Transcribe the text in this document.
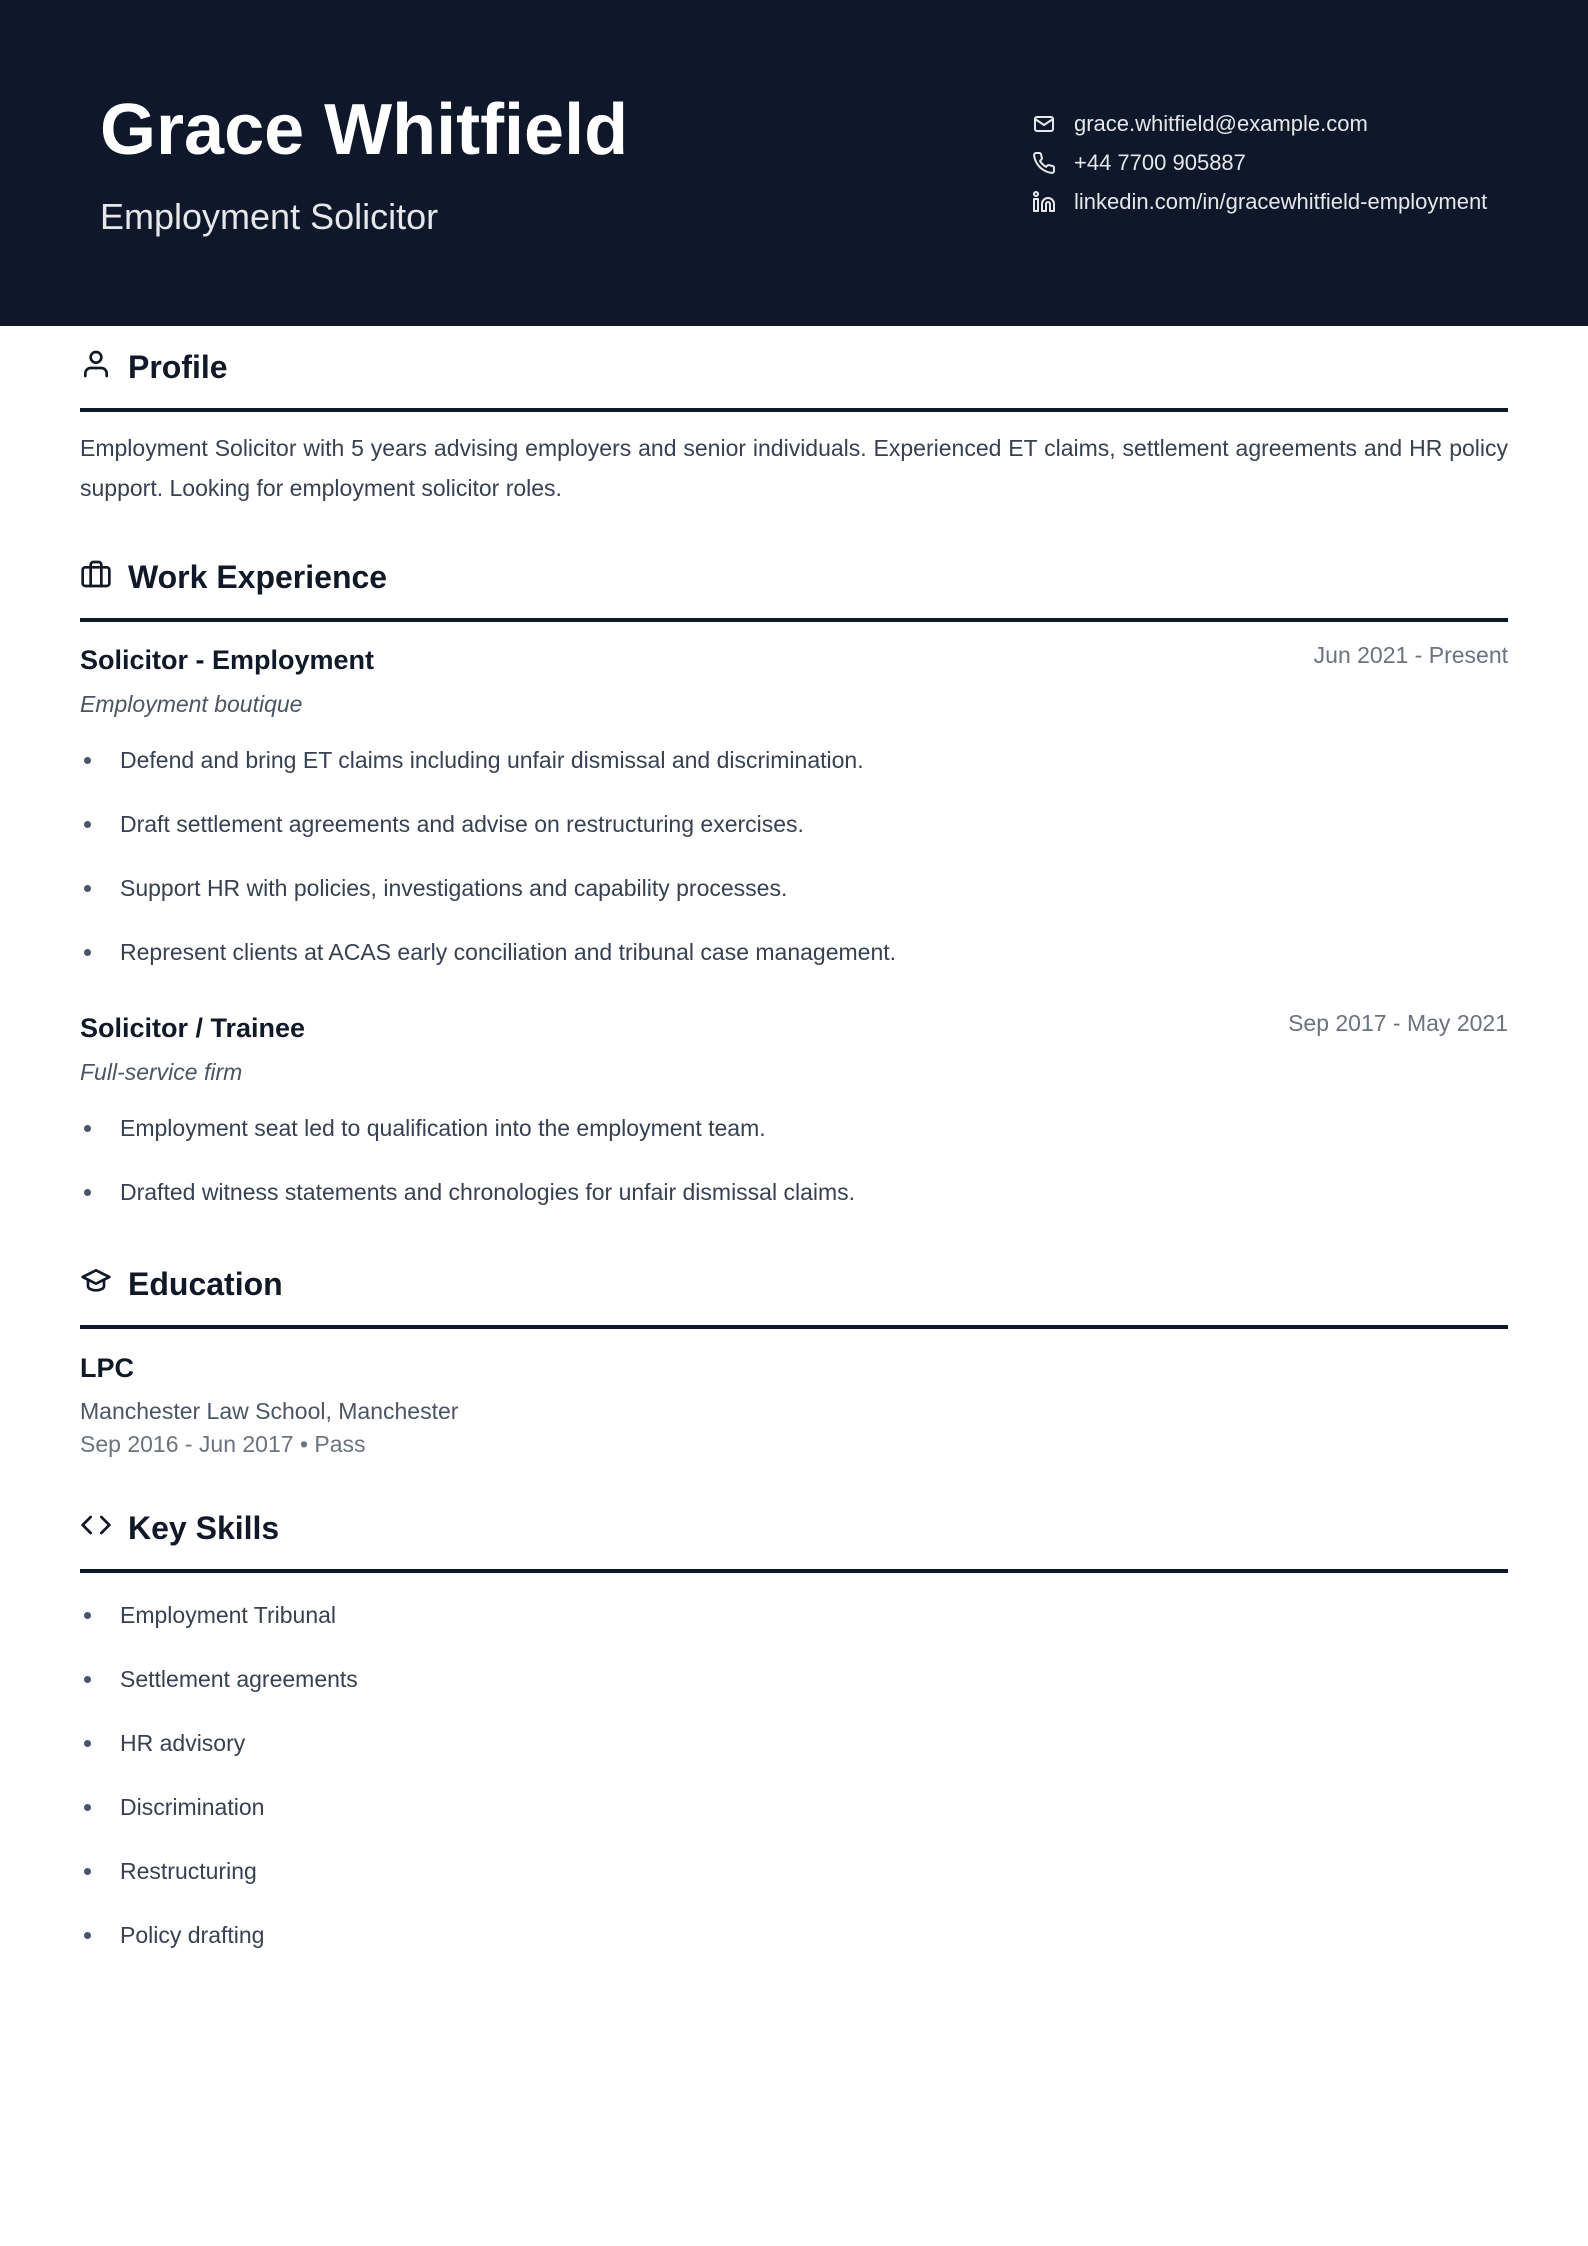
Grace Whitfield
Employment Solicitor
grace.whitfield@example.com
+44 7700 905887
linkedin.com/in/gracewhitfield-employment
Profile
Employment Solicitor with 5 years advising employers and senior individuals. Experienced ET claims, settlement agreements and HR policy support. Looking for employment solicitor roles.
Work Experience
Solicitor - Employment	Jun 2021 - Present
Employment boutique
Defend and bring ET claims including unfair dismissal and discrimination.
Draft settlement agreements and advise on restructuring exercises.
Support HR with policies, investigations and capability processes.
Represent clients at ACAS early conciliation and tribunal case management.
Solicitor / Trainee	Sep 2017 - May 2021
Full-service firm
Employment seat led to qualification into the employment team.
Drafted witness statements and chronologies for unfair dismissal claims.
Education
LPC
Manchester Law School, Manchester
Sep 2016 - Jun 2017 • Pass
Key Skills
Employment Tribunal
Settlement agreements
HR advisory
Discrimination
Restructuring
Policy drafting
